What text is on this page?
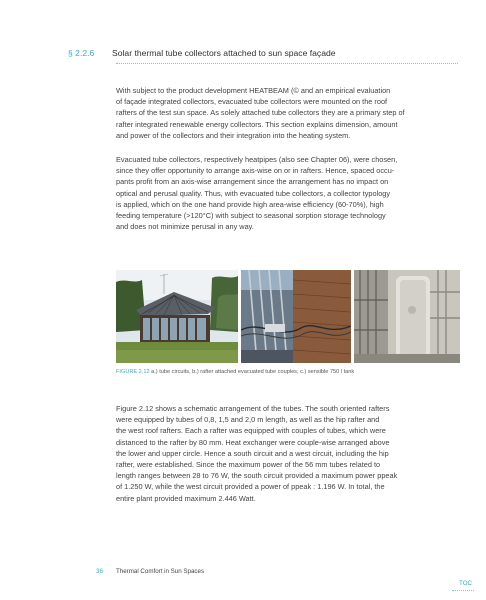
§ 2.2.6 Solar thermal tube collectors attached to sun space façade

With subject to the product development HEATBEAM (© and an empirical evaluation

of façade integrated collectors, evacuated tube collectors were mounted on the roof

rafters of the test sun space. As solely attached tube collectors they are a primary step of

rafter integrated renewable energy collectors. This section explains dimension, amount

and power of the collectors and their integration into the heating system.

Evacuated tube collectors, respectively heatpipes (also see Chapter 06), were chosen,

since they offer opportunity to arrange axis-wise on or in rafters. Hence, spaced occu-

pants profit from an axis-wise arrangement since the arrangement has no impact on

optical and perusal quality. Thus, with evacuated tube collectors, a collector typology

is applied, which on the one hand provide high area-wise efficiency (60-70%), high

feeding temperature (>120°C) with subject to seasonal sorption storage technology

and does not minimize perusal in any way.

FIGURE 2.12 a.) tube circuits, b.) rafter attached evacuated tube couples, c.) sensible 750 l tank

Figure 2.12 shows a schematic arrangement of the tubes. The south oriented rafters

were equipped by tubes of 0,8, 1,5 and 2,0 m length, as well as the hip rafter and

the west roof rafters. Each a rafter was equipped with couples of tubes, which were

distanced to the rafter by 80 mm. Heat exchanger were couple-wise arranged above

the lower and upper circle. Hence a south circuit and a west circuit, including the hip

rafter, were established. Since the maximum power of the 56 mm tubes related to

length ranges between 28 to 76 W, the south circuit provided a maximum power ppeak

of 1.250 W, while the west circuit provided a power of ppeak : 1.196 W. In total, the

entire plant provided maximum 2.446 Watt.

36 Thermal Comfort in Sun Spaces
TOC
